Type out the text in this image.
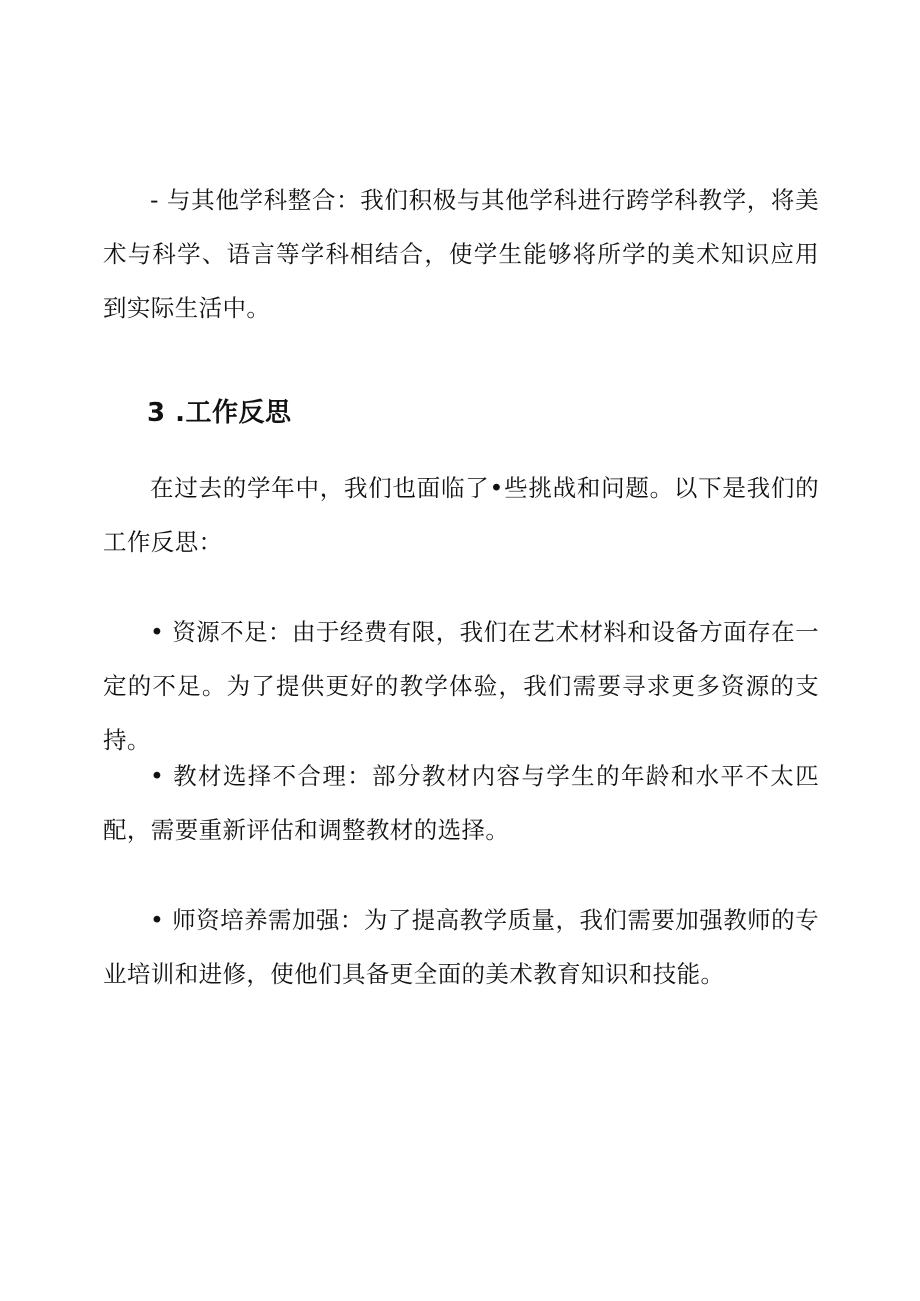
- 与其他学科整合：我们积极与其他学科进行跨学科教学，将美术与科学、语言等学科相结合，使学生能够将所学的美术知识应用到实际生活中。

3 .工作反思

在过去的学年中，我们也面临了•些挑战和问题。以下是我们的工作反思：

• 资源不足：由于经费有限，我们在艺术材料和设备方面存在一定的不足。为了提供更好的教学体验，我们需要寻求更多资源的支持。

• 教材选择不合理：部分教材内容与学生的年龄和水平不太匹配，需要重新评估和调整教材的选择。

• 师资培养需加强：为了提高教学质量，我们需要加强教师的专业培训和进修，使他们具备更全面的美术教育知识和技能。
